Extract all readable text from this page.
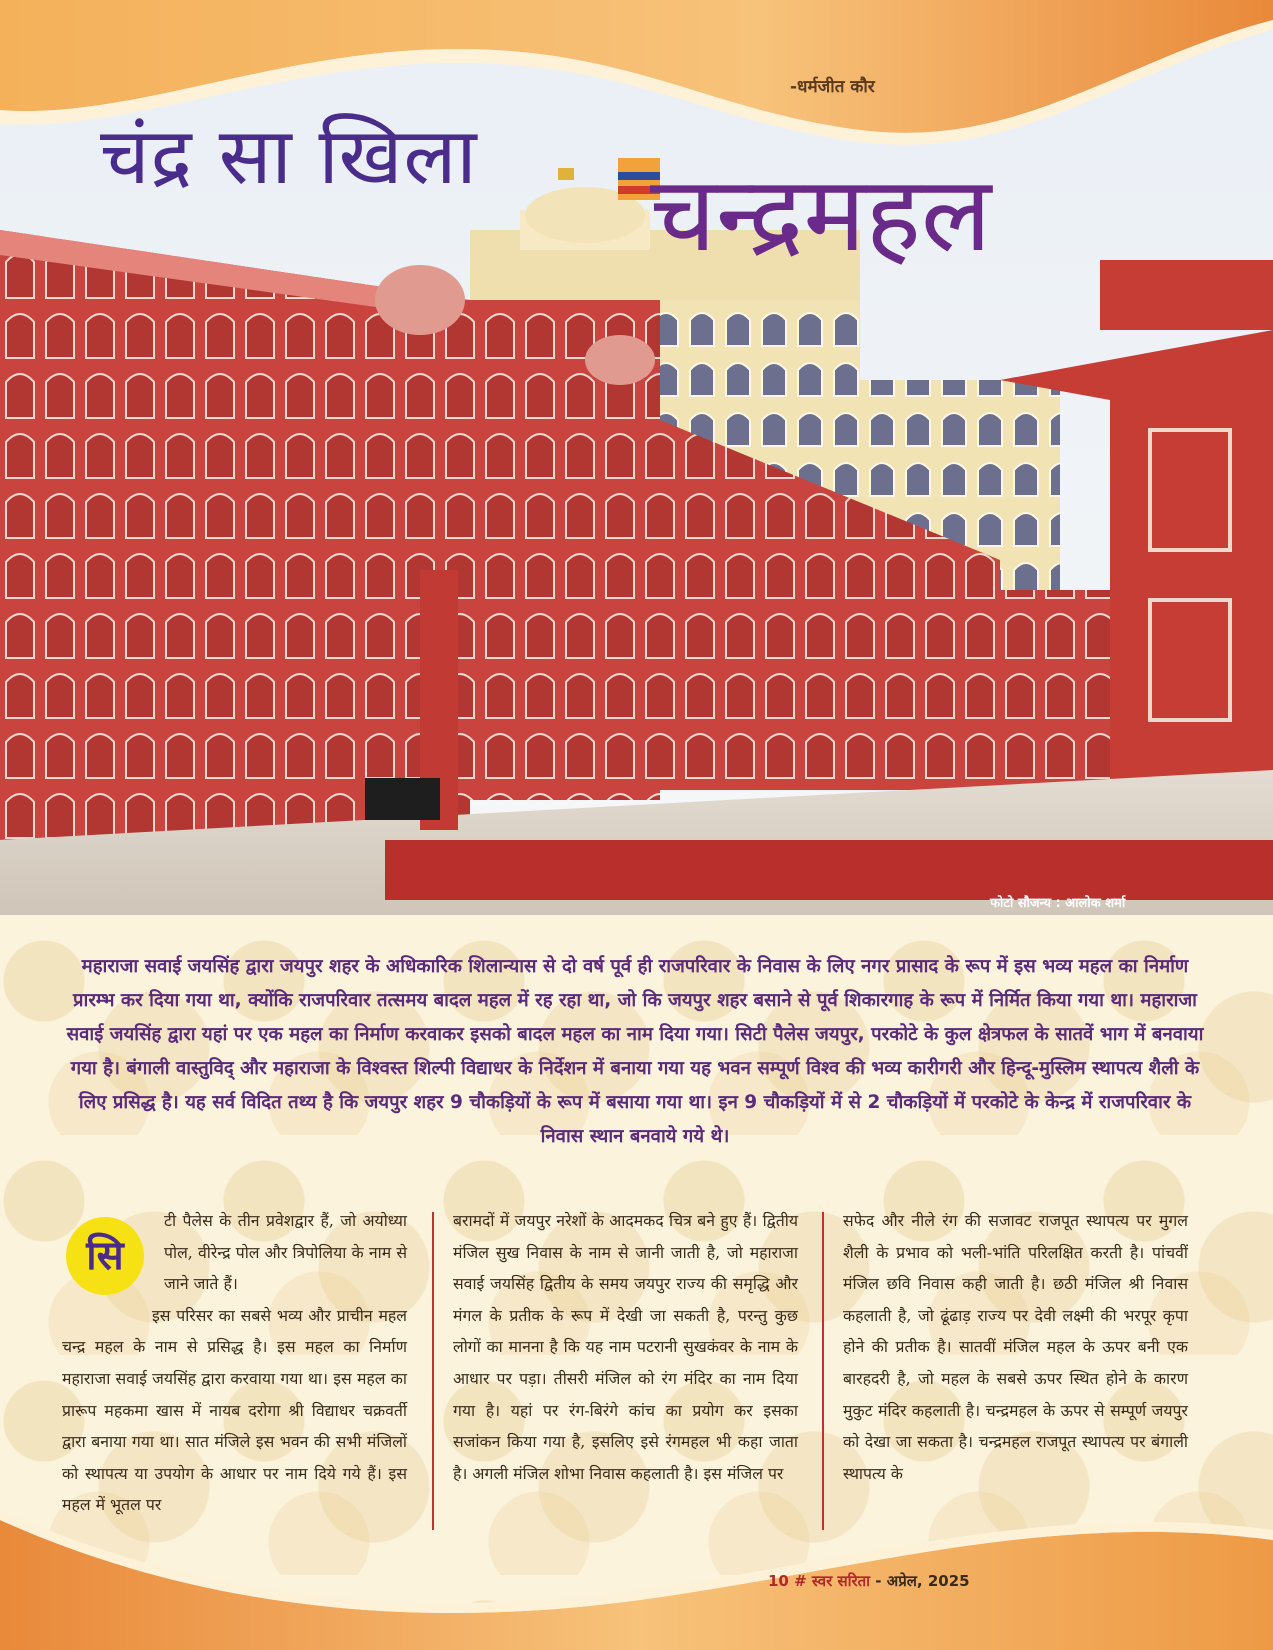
-धर्मजीत कौर
चंद्र सा खिला चन्द्रमहल
फोटो सौजन्य : आलोक शर्मा
महाराजा सवाई जयसिंह द्वारा जयपुर शहर के अधिकारिक शिलान्यास से दो वर्ष पूर्व ही राजपरिवार के निवास के लिए नगर प्रासाद के रूप में इस भव्य महल का निर्माण प्रारम्भ कर दिया गया था, क्योंकि राजपरिवार तत्समय बादल महल में रह रहा था, जो कि जयपुर शहर बसाने से पूर्व शिकारगाह के रूप में निर्मित किया गया था। महाराजा सवाई जयसिंह द्वारा यहां पर एक महल का निर्माण करवाकर इसको बादल महल का नाम दिया गया। सिटी पैलेस जयपुर, परकोटे के कुल क्षेत्रफल के सातवें भाग में बनवाया गया है। बंगाली वास्तुविद् और महाराजा के विश्वस्त शिल्पी विद्याधर के निर्देशन में बनाया गया यह भवन सम्पूर्ण विश्व की भव्य कारीगरी और हिन्दू-मुस्लिम स्थापत्य शैली के लिए प्रसिद्ध है। यह सर्व विदित तथ्य है कि जयपुर शहर 9 चौकड़ियों के रूप में बसाया गया था। इन 9 चौकड़ियों में से 2 चौकड़ियों में परकोटे के केन्द्र में राजपरिवार के निवास स्थान बनवाये गये थे।
सि

टी पैलेस के तीन प्रवेशद्वार हैं, जो अयोध्या पोल, वीरेन्द्र पोल और त्रिपोलिया के नाम से जाने जाते हैं।

इस परिसर का सबसे भव्य और प्राचीन महल चन्द्र महल के नाम से प्रसिद्ध है। इस महल का निर्माण महाराजा सवाई जयसिंह द्वारा करवाया गया था। इस महल का प्रारूप महकमा खास में नायब दरोगा श्री विद्याधर चक्रवर्ती द्वारा बनाया गया था। सात मंजिले इस भवन की सभी मंजिलों को स्थापत्य या उपयोग के आधार पर नाम दिये गये हैं। इस महल में भूतल पर

बरामदों में जयपुर नरेशों के आदमकद चित्र बने हुए हैं। द्वितीय मंजिल सुख निवास के नाम से जानी जाती है, जो महाराजा सवाई जयसिंह द्वितीय के समय जयपुर राज्य की समृद्धि और मंगल के प्रतीक के रूप में देखी जा सकती है, परन्तु कुछ लोगों का मानना है कि यह नाम पटरानी सुखकंवर के नाम के आधार पर पड़ा। तीसरी मंजिल को रंग मंदिर का नाम दिया गया है। यहां पर रंग-बिरंगे कांच का प्रयोग कर इसका सजांकन किया गया है, इसलिए इसे रंगमहल भी कहा जाता है। अगली मंजिल शोभा निवास कहलाती है। इस मंजिल पर

सफेद और नीले रंग की सजावट राजपूत स्थापत्य पर मुगल शैली के प्रभाव को भली-भांति परिलक्षित करती है। पांचवीं मंजिल छवि निवास कही जाती है। छठी मंजिल श्री निवास कहलाती है, जो ढूंढाड़ राज्य पर देवी लक्ष्मी की भरपूर कृपा होने की प्रतीक है। सातवीं मंजिल महल के ऊपर बनी एक बारहदरी है, जो महल के सबसे ऊपर स्थित होने के कारण मुकुट मंदिर कहलाती है। चन्द्रमहल के ऊपर से सम्पूर्ण जयपुर को देखा जा सकता है। चन्द्रमहल राजपूत स्थापत्य पर बंगाली स्थापत्य के

10 # स्वर सरिता - अप्रेल, 2025
